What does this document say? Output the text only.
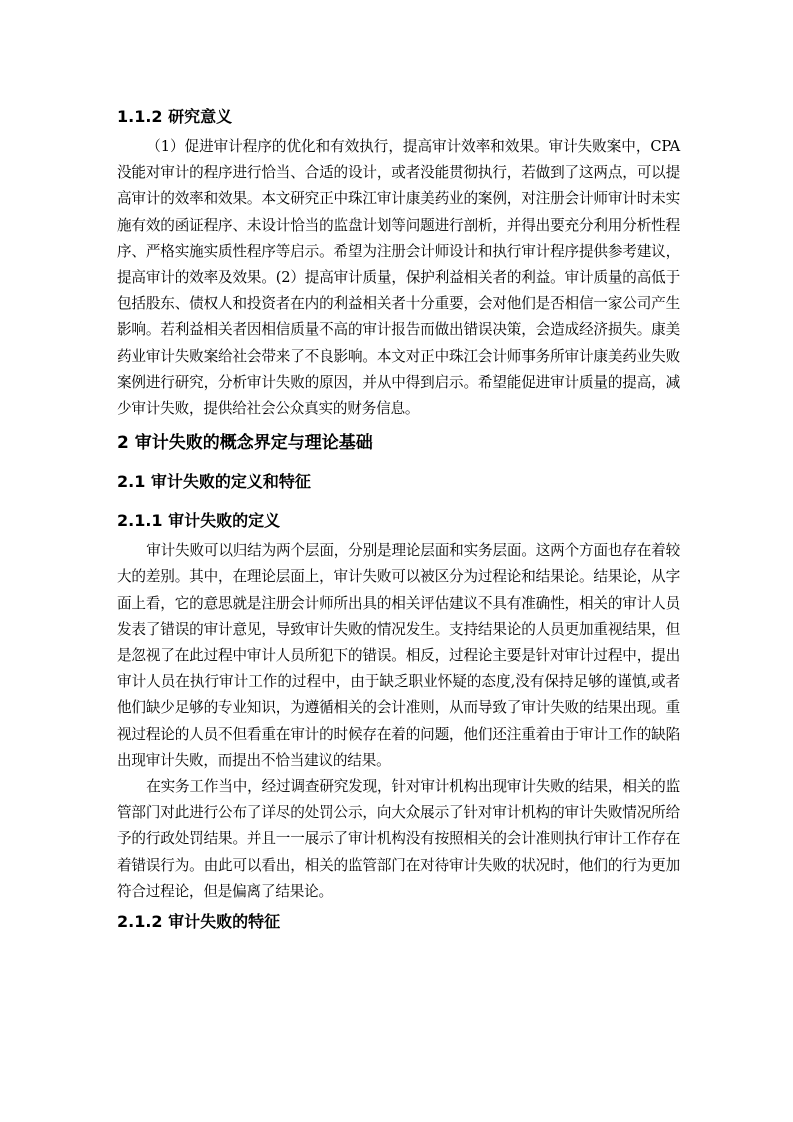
1.1.2 研究意义

（1）促进审计程序的优化和有效执行，提高审计效率和效果。审计失败案中，CPA没能对审计的程序进行恰当、合适的设计，或者没能贯彻执行，若做到了这两点，可以提高审计的效率和效果。本文研究正中珠江审计康美药业的案例，对注册会计师审计时未实施有效的函证程序、未设计恰当的监盘计划等问题进行剖析，并得出要充分利用分析性程序、严格实施实质性程序等启示。希望为注册会计师设计和执行审计程序提供参考建议，提高审计的效率及效果。(2）提高审计质量，保护利益相关者的利益。审计质量的高低于包括股东、债权人和投资者在内的利益相关者十分重要，会对他们是否相信一家公司产生影响。若利益相关者因相信质量不高的审计报告而做出错误决策，会造成经济损失。康美药业审计失败案给社会带来了不良影响。本文对正中珠江会计师事务所审计康美药业失败案例进行研究，分析审计失败的原因，并从中得到启示。希望能促进审计质量的提高，减少审计失败，提供给社会公众真实的财务信息。

2 审计失败的概念界定与理论基础
2.1 审计失败的定义和特征
2.1.1 审计失败的定义

审计失败可以归结为两个层面，分别是理论层面和实务层面。这两个方面也存在着较大的差别。其中，在理论层面上，审计失败可以被区分为过程论和结果论。结果论，从字面上看，它的意思就是注册会计师所出具的相关评估建议不具有准确性，相关的审计人员发表了错误的审计意见，导致审计失败的情况发生。支持结果论的人员更加重视结果，但是忽视了在此过程中审计人员所犯下的错误。相反，过程论主要是针对审计过程中，提出审计人员在执行审计工作的过程中，由于缺乏职业怀疑的态度,没有保持足够的谨慎,或者他们缺少足够的专业知识，为遵循相关的会计准则，从而导致了审计失败的结果出现。重视过程论的人员不但看重在审计的时候存在着的问题，他们还注重着由于审计工作的缺陷出现审计失败，而提出不恰当建议的结果。

在实务工作当中，经过调查研究发现，针对审计机构出现审计失败的结果，相关的监管部门对此进行公布了详尽的处罚公示，向大众展示了针对审计机构的审计失败情况所给予的行政处罚结果。并且一一展示了审计机构没有按照相关的会计准则执行审计工作存在着错误行为。由此可以看出，相关的监管部门在对待审计失败的状况时，他们的行为更加符合过程论，但是偏离了结果论。

2.1.2 审计失败的特征
